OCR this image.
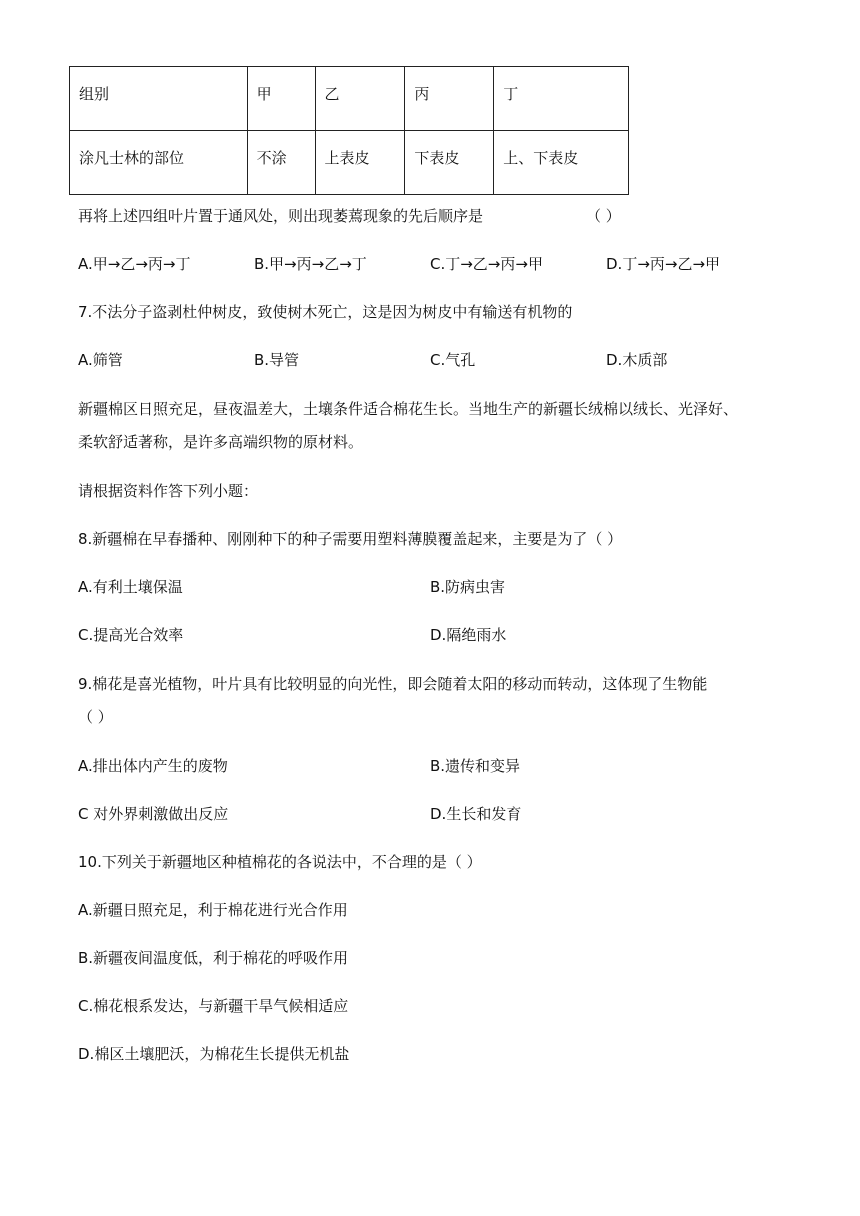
组别	甲	乙	丙	丁
涂凡士林的部位	不涂	上表皮	下表皮	上、下表皮
再将上述四组叶片置于通风处，则出现萎蔫现象的先后顺序是	（ ）
A.甲→乙→丙→丁	B.甲→丙→乙→丁	C.丁→乙→丙→甲	D.丁→丙→乙→甲
7.不法分子盗剥杜仲树皮，致使树木死亡，这是因为树皮中有输送有机物的
A.筛管	B.导管	C.气孔	D.木质部
新疆棉区日照充足，昼夜温差大，土壤条件适合棉花生长。当地生产的新疆长绒棉以绒长、光泽好、
柔软舒适著称，是许多高端织物的原材料。
请根据资料作答下列小题：
8.新疆棉在早春播种、刚刚种下的种子需要用塑料薄膜覆盖起来，主要是为了（ ）
A.有利土壤保温	B.防病虫害
C.提高光合效率	D.隔绝雨水
9.棉花是喜光植物，叶片具有比较明显的向光性，即会随着太阳的移动而转动，这体现了生物能
（ ）
A.排出体内产生的废物	B.遗传和变异
C 对外界刺激做出反应	D.生长和发育
10.下列关于新疆地区种植棉花的各说法中，不合理的是（ ）
A.新疆日照充足，利于棉花进行光合作用
B.新疆夜间温度低，利于棉花的呼吸作用
C.棉花根系发达，与新疆干旱气候相适应
D.棉区土壤肥沃，为棉花生长提供无机盐
